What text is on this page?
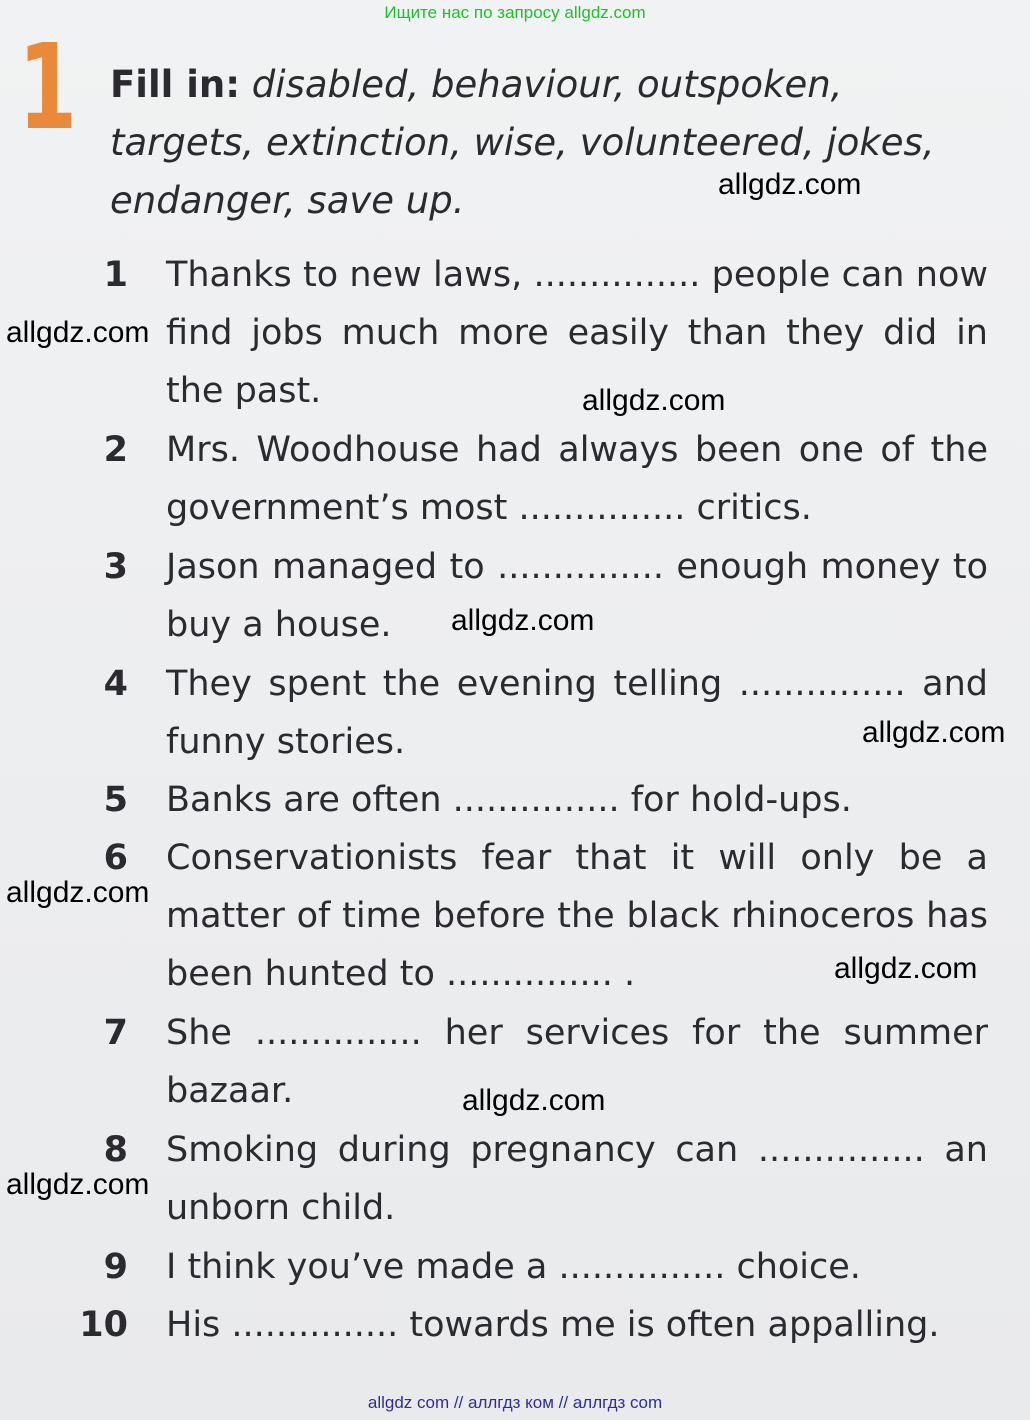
Ищите нас по запросу allgdz.com
1 Fill in: disabled, behaviour, outspoken, targets, extinction, wise, volunteered, jokes, endanger, save up.
1 Thanks to new laws, ............... people can now find jobs much more easily than they did in the past.
2 Mrs. Woodhouse had always been one of the government’s most ............... critics.
3 Jason managed to ............... enough money to buy a house.
4 They spent the evening telling ............... and funny stories.
5 Banks are often ............... for hold-ups.
6 Conservationists fear that it will only be a matter of time before the black rhinoceros has been hunted to ............... .
7 She ............... her services for the summer bazaar.
8 Smoking during pregnancy can ............... an unborn child.
9 I think you’ve made a ............... choice.
10 His ............... towards me is often appalling.
allgdz.com
allgdz.com
allgdz.com
allgdz.com
allgdz.com
allgdz.com
allgdz.com
allgdz.com
allgdz.com
allgdz com // аллгдз ком // аллгдз com
